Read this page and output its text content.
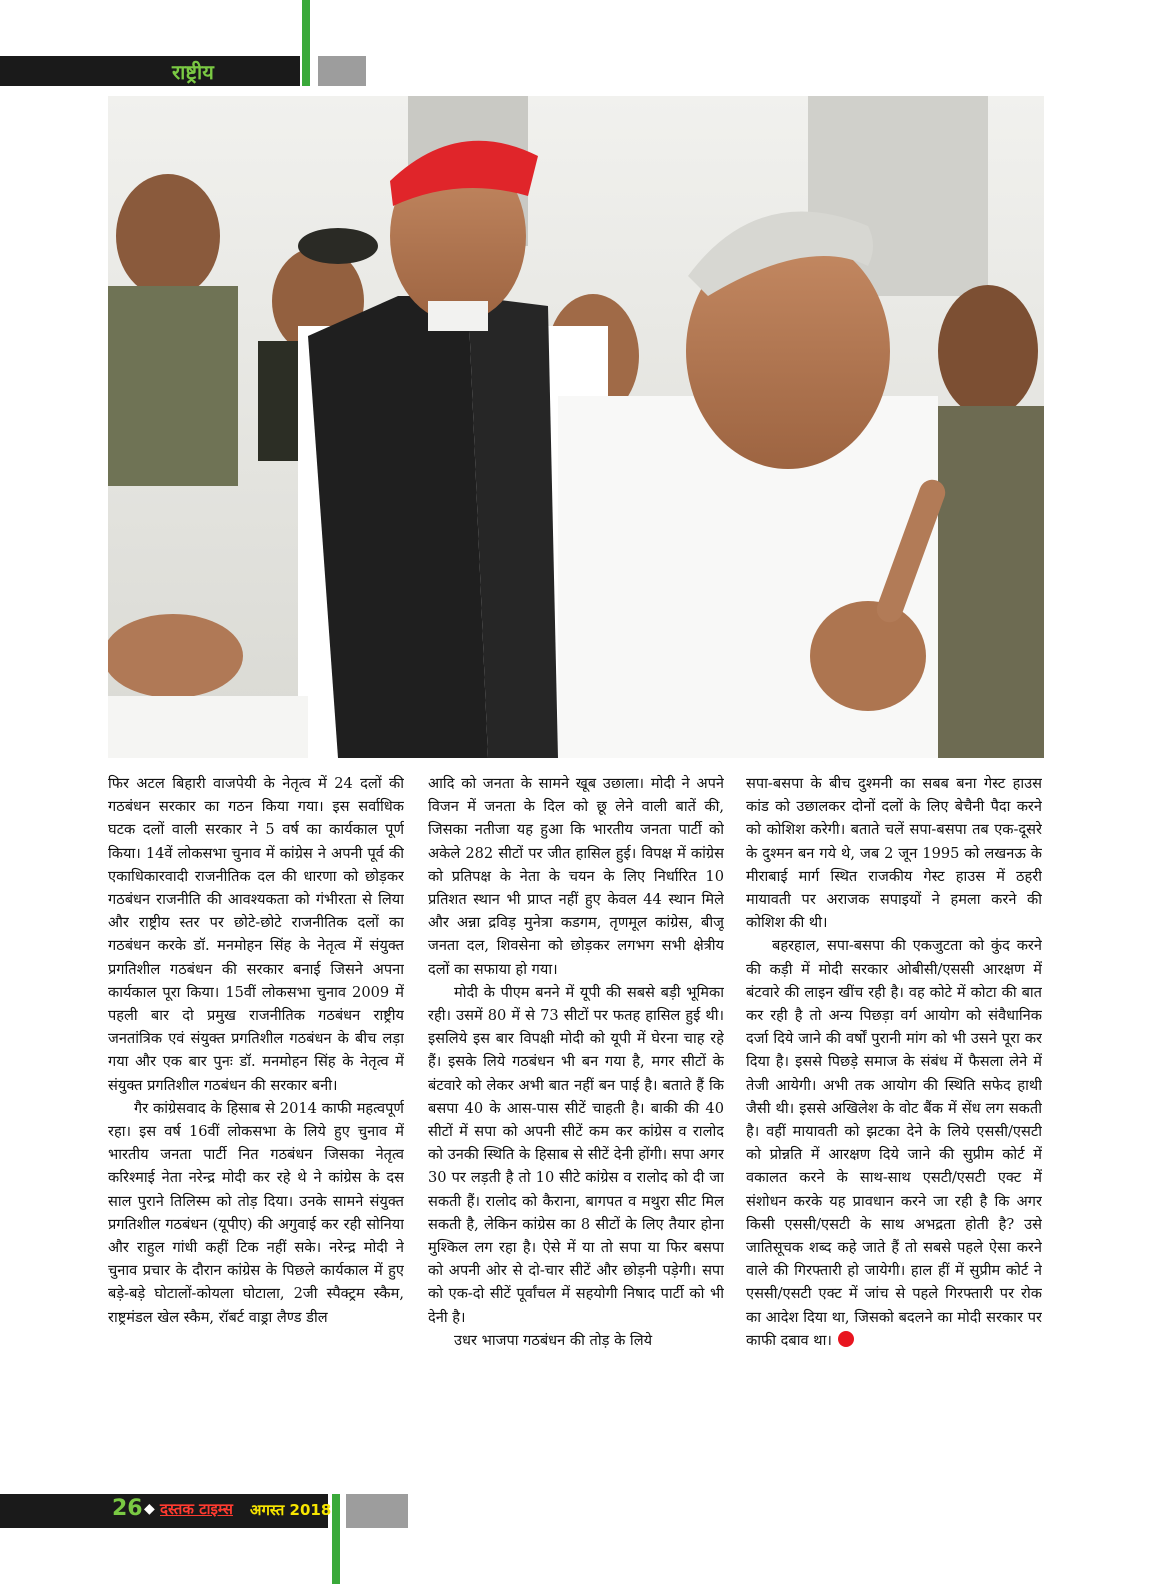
राष्ट्रीय

फिर अटल बिहारी वाजपेयी के नेतृत्व में 24 दलों की गठबंधन सरकार का गठन किया गया। इस सर्वाधिक घटक दलों वाली सरकार ने 5 वर्ष का कार्यकाल पूर्ण किया। 14वें लोकसभा चुनाव में कांग्रेस ने अपनी पूर्व की एकाधिकारवादी राजनीतिक दल की धारणा को छोड़कर गठबंधन राजनीति की आवश्यकता को गंभीरता से लिया और राष्ट्रीय स्तर पर छोटे-छोटे राजनीतिक दलों का गठबंधन करके डॉ. मनमोहन सिंह के नेतृत्व में संयुक्त प्रगतिशील गठबंधन की सरकार बनाई जिसने अपना कार्यकाल पूरा किया। 15वीं लोकसभा चुनाव 2009 में पहली बार दो प्रमुख राजनीतिक गठबंधन राष्ट्रीय जनतांत्रिक एवं संयुक्त प्रगतिशील गठबंधन के बीच लड़ा गया और एक बार पुनः डॉ. मनमोहन सिंह के नेतृत्व में संयुक्त प्रगतिशील गठबंधन की सरकार बनी।

गैर कांग्रेसवाद के हिसाब से 2014 काफी महत्वपूर्ण रहा। इस वर्ष 16वीं लोकसभा के लिये हुए चुनाव में भारतीय जनता पार्टी नित गठबंधन जिसका नेतृत्व करिश्माई नेता नरेन्द्र मोदी कर रहे थे ने कांग्रेस के दस साल पुराने तिलिस्म को तोड़ दिया। उनके सामने संयुक्त प्रगतिशील गठबंधन (यूपीए) की अगुवाई कर रही सोनिया और राहुल गांधी कहीं टिक नहीं सके। नरेन्द्र मोदी ने चुनाव प्रचार के दौरान कांग्रेस के पिछले कार्यकाल में हुए बड़े-बड़े घोटालों-कोयला घोटाला, 2जी स्पैक्ट्रम स्कैम, राष्ट्रमंडल खेल स्कैम, रॉबर्ट वाड्रा लैण्ड डील

आदि को जनता के सामने खूब उछाला। मोदी ने अपने विजन में जनता के दिल को छू लेने वाली बातें की, जिसका नतीजा यह हुआ कि भारतीय जनता पार्टी को अकेले 282 सीटों पर जीत हासिल हुई। विपक्ष में कांग्रेस को प्रतिपक्ष के नेता के चयन के लिए निर्धारित 10 प्रतिशत स्थान भी प्राप्त नहीं हुए केवल 44 स्थान मिले और अन्ना द्रविड़ मुनेत्रा कडगम, तृणमूल कांग्रेस, बीजू जनता दल, शिवसेना को छोड़कर लगभग सभी क्षेत्रीय दलों का सफाया हो गया।

मोदी के पीएम बनने में यूपी की सबसे बड़ी भूमिका रही। उसमें 80 में से 73 सीटों पर फतह हासिल हुई थी। इसलिये इस बार विपक्षी मोदी को यूपी में घेरना चाह रहे हैं। इसके लिये गठबंधन भी बन गया है, मगर सीटों के बंटवारे को लेकर अभी बात नहीं बन पाई है। बताते हैं कि बसपा 40 के आस-पास सीटें चाहती है। बाकी की 40 सीटों में सपा को अपनी सीटें कम कर कांग्रेस व रालोद को उनकी स्थिति के हिसाब से सीटें देनी होंगी। सपा अगर 30 पर लड़ती है तो 10 सीटे कांग्रेस व रालोद को दी जा सकती हैं। रालोद को कैराना, बागपत व मथुरा सीट मिल सकती है, लेकिन कांग्रेस का 8 सीटों के लिए तैयार होना मुश्किल लग रहा है। ऐसे में या तो सपा या फिर बसपा को अपनी ओर से दो-चार सीटें और छोड़नी पड़ेगी। सपा को एक-दो सीटें पूर्वांचल में सहयोगी निषाद पार्टी को भी देनी है।

उधर भाजपा गठबंधन की तोड़ के लिये

सपा-बसपा के बीच दुश्मनी का सबब बना गेस्ट हाउस कांड को उछालकर दोनों दलों के लिए बेचैनी पैदा करने को कोशिश करेगी। बताते चलें सपा-बसपा तब एक-दूसरे के दुश्मन बन गये थे, जब 2 जून 1995 को लखनऊ के मीराबाई मार्ग स्थित राजकीय गेस्ट हाउस में ठहरी मायावती पर अराजक सपाइयों ने हमला करने की कोशिश की थी।

बहरहाल, सपा-बसपा की एकजुटता को कुंद करने की कड़ी में मोदी सरकार ओबीसी/एससी आरक्षण में बंटवारे की लाइन खींच रही है। वह कोटे में कोटा की बात कर रही है तो अन्य पिछड़ा वर्ग आयोग को संवैधानिक दर्जा दिये जाने की वर्षों पुरानी मांग को भी उसने पूरा कर दिया है। इससे पिछड़े समाज के संबंध में फैसला लेने में तेजी आयेगी। अभी तक आयोग की स्थिति सफेद हाथी जैसी थी। इससे अखिलेश के वोट बैंक में सेंध लग सकती है। वहीं मायावती को झटका देने के लिये एससी/एसटी को प्रोन्नति में आरक्षण दिये जाने की सुप्रीम कोर्ट में वकालत करने के साथ-साथ एसटी/एसटी एक्ट में संशोधन करके यह प्रावधान करने जा रही है कि अगर किसी एससी/एसटी के साथ अभद्रता होती है? उसे जातिसूचक शब्द कहे जाते हैं तो सबसे पहले ऐसा करने वाले की गिरफ्तारी हो जायेगी। हाल हीं में सुप्रीम कोर्ट ने एससी/एसटी एक्ट में जांच से पहले गिरफ्तारी पर रोक का आदेश दिया था, जिसको बदलने का मोदी सरकार पर काफी दबाव था।

26 ◆ दस्तक टाइम्स अगस्त 2018
